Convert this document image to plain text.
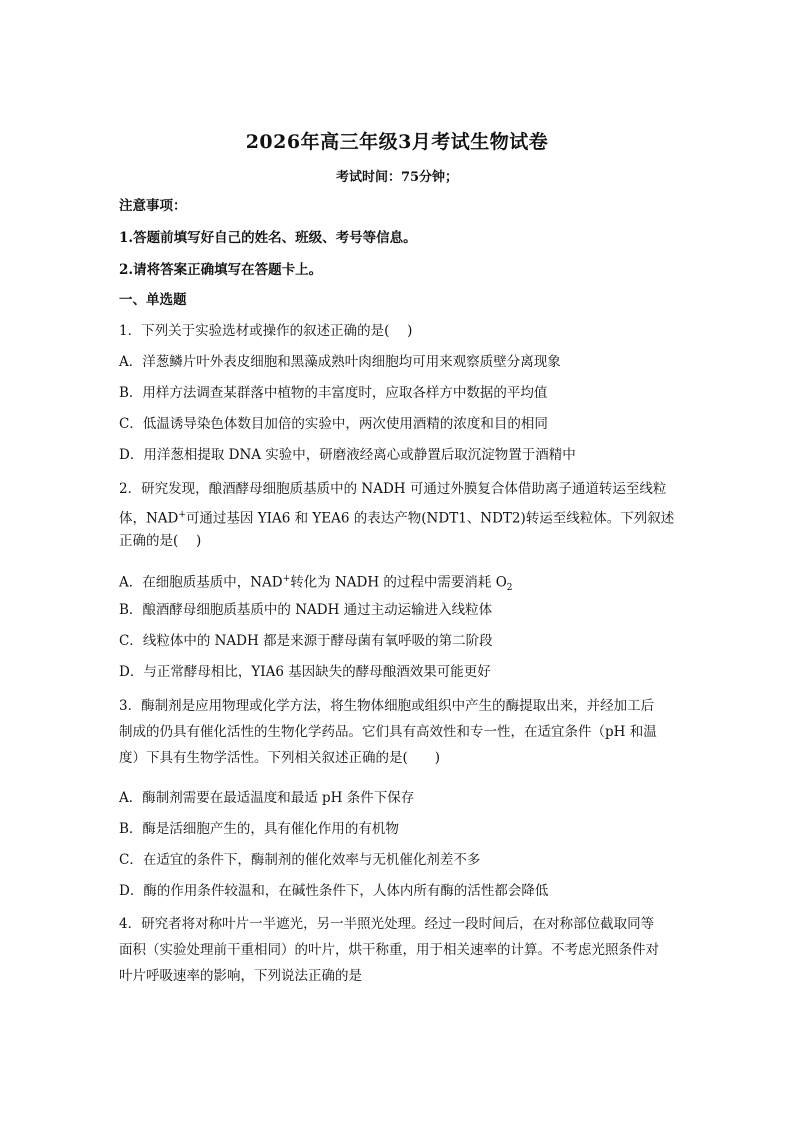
2026年高三年级3月考试生物试卷
考试时间：75分钟；
注意事项：
1.答题前填写好自己的姓名、班级、考号等信息。
2.请将答案正确填写在答题卡上。
一、单选题
1．下列关于实验选材或操作的叙述正确的是(　 )
A．洋葱鳞片叶外表皮细胞和黑藻成熟叶肉细胞均可用来观察质壁分离现象
B．用样方法调查某群落中植物的丰富度时，应取各样方中数据的平均值
C．低温诱导染色体数目加倍的实验中，两次使用酒精的浓度和目的相同
D．用洋葱相提取 DNA 实验中，研磨液经离心或静置后取沉淀物置于酒精中
2．研究发现，酿酒酵母细胞质基质中的 NADH 可通过外膜复合体借助离子通道转运至线粒
体，NAD+可通过基因 YIA6 和 YEA6 的表达产物(NDT1、NDT2)转运至线粒体。下列叙述
正确的是(　 )
A．在细胞质基质中，NAD+转化为 NADH 的过程中需要消耗 $O_2$
B．酿酒酵母细胞质基质中的 NADH 通过主动运输进入线粒体
C．线粒体中的 NADH 都是来源于酵母菌有氧呼吸的第二阶段
D．与正常酵母相比，YIA6 基因缺失的酵母酿酒效果可能更好
3．酶制剂是应用物理或化学方法，将生物体细胞或组织中产生的酶提取出来，并经加工后
制成的仍具有催化活性的生物化学药品。它们具有高效性和专一性，在适宜条件（pH 和温
度）下具有生物学活性。下列相关叙述正确的是(　　)
A．酶制剂需要在最适温度和最适 pH 条件下保存
B．酶是活细胞产生的，具有催化作用的有机物
C．在适宜的条件下，酶制剂的催化效率与无机催化剂差不多
D．酶的作用条件较温和，在碱性条件下，人体内所有酶的活性都会降低
4．研究者将对称叶片一半遮光，另一半照光处理。经过一段时间后，在对称部位截取同等
面积（实验处理前干重相同）的叶片，烘干称重，用于相关速率的计算。不考虑光照条件对
叶片呼吸速率的影响，下列说法正确的是
